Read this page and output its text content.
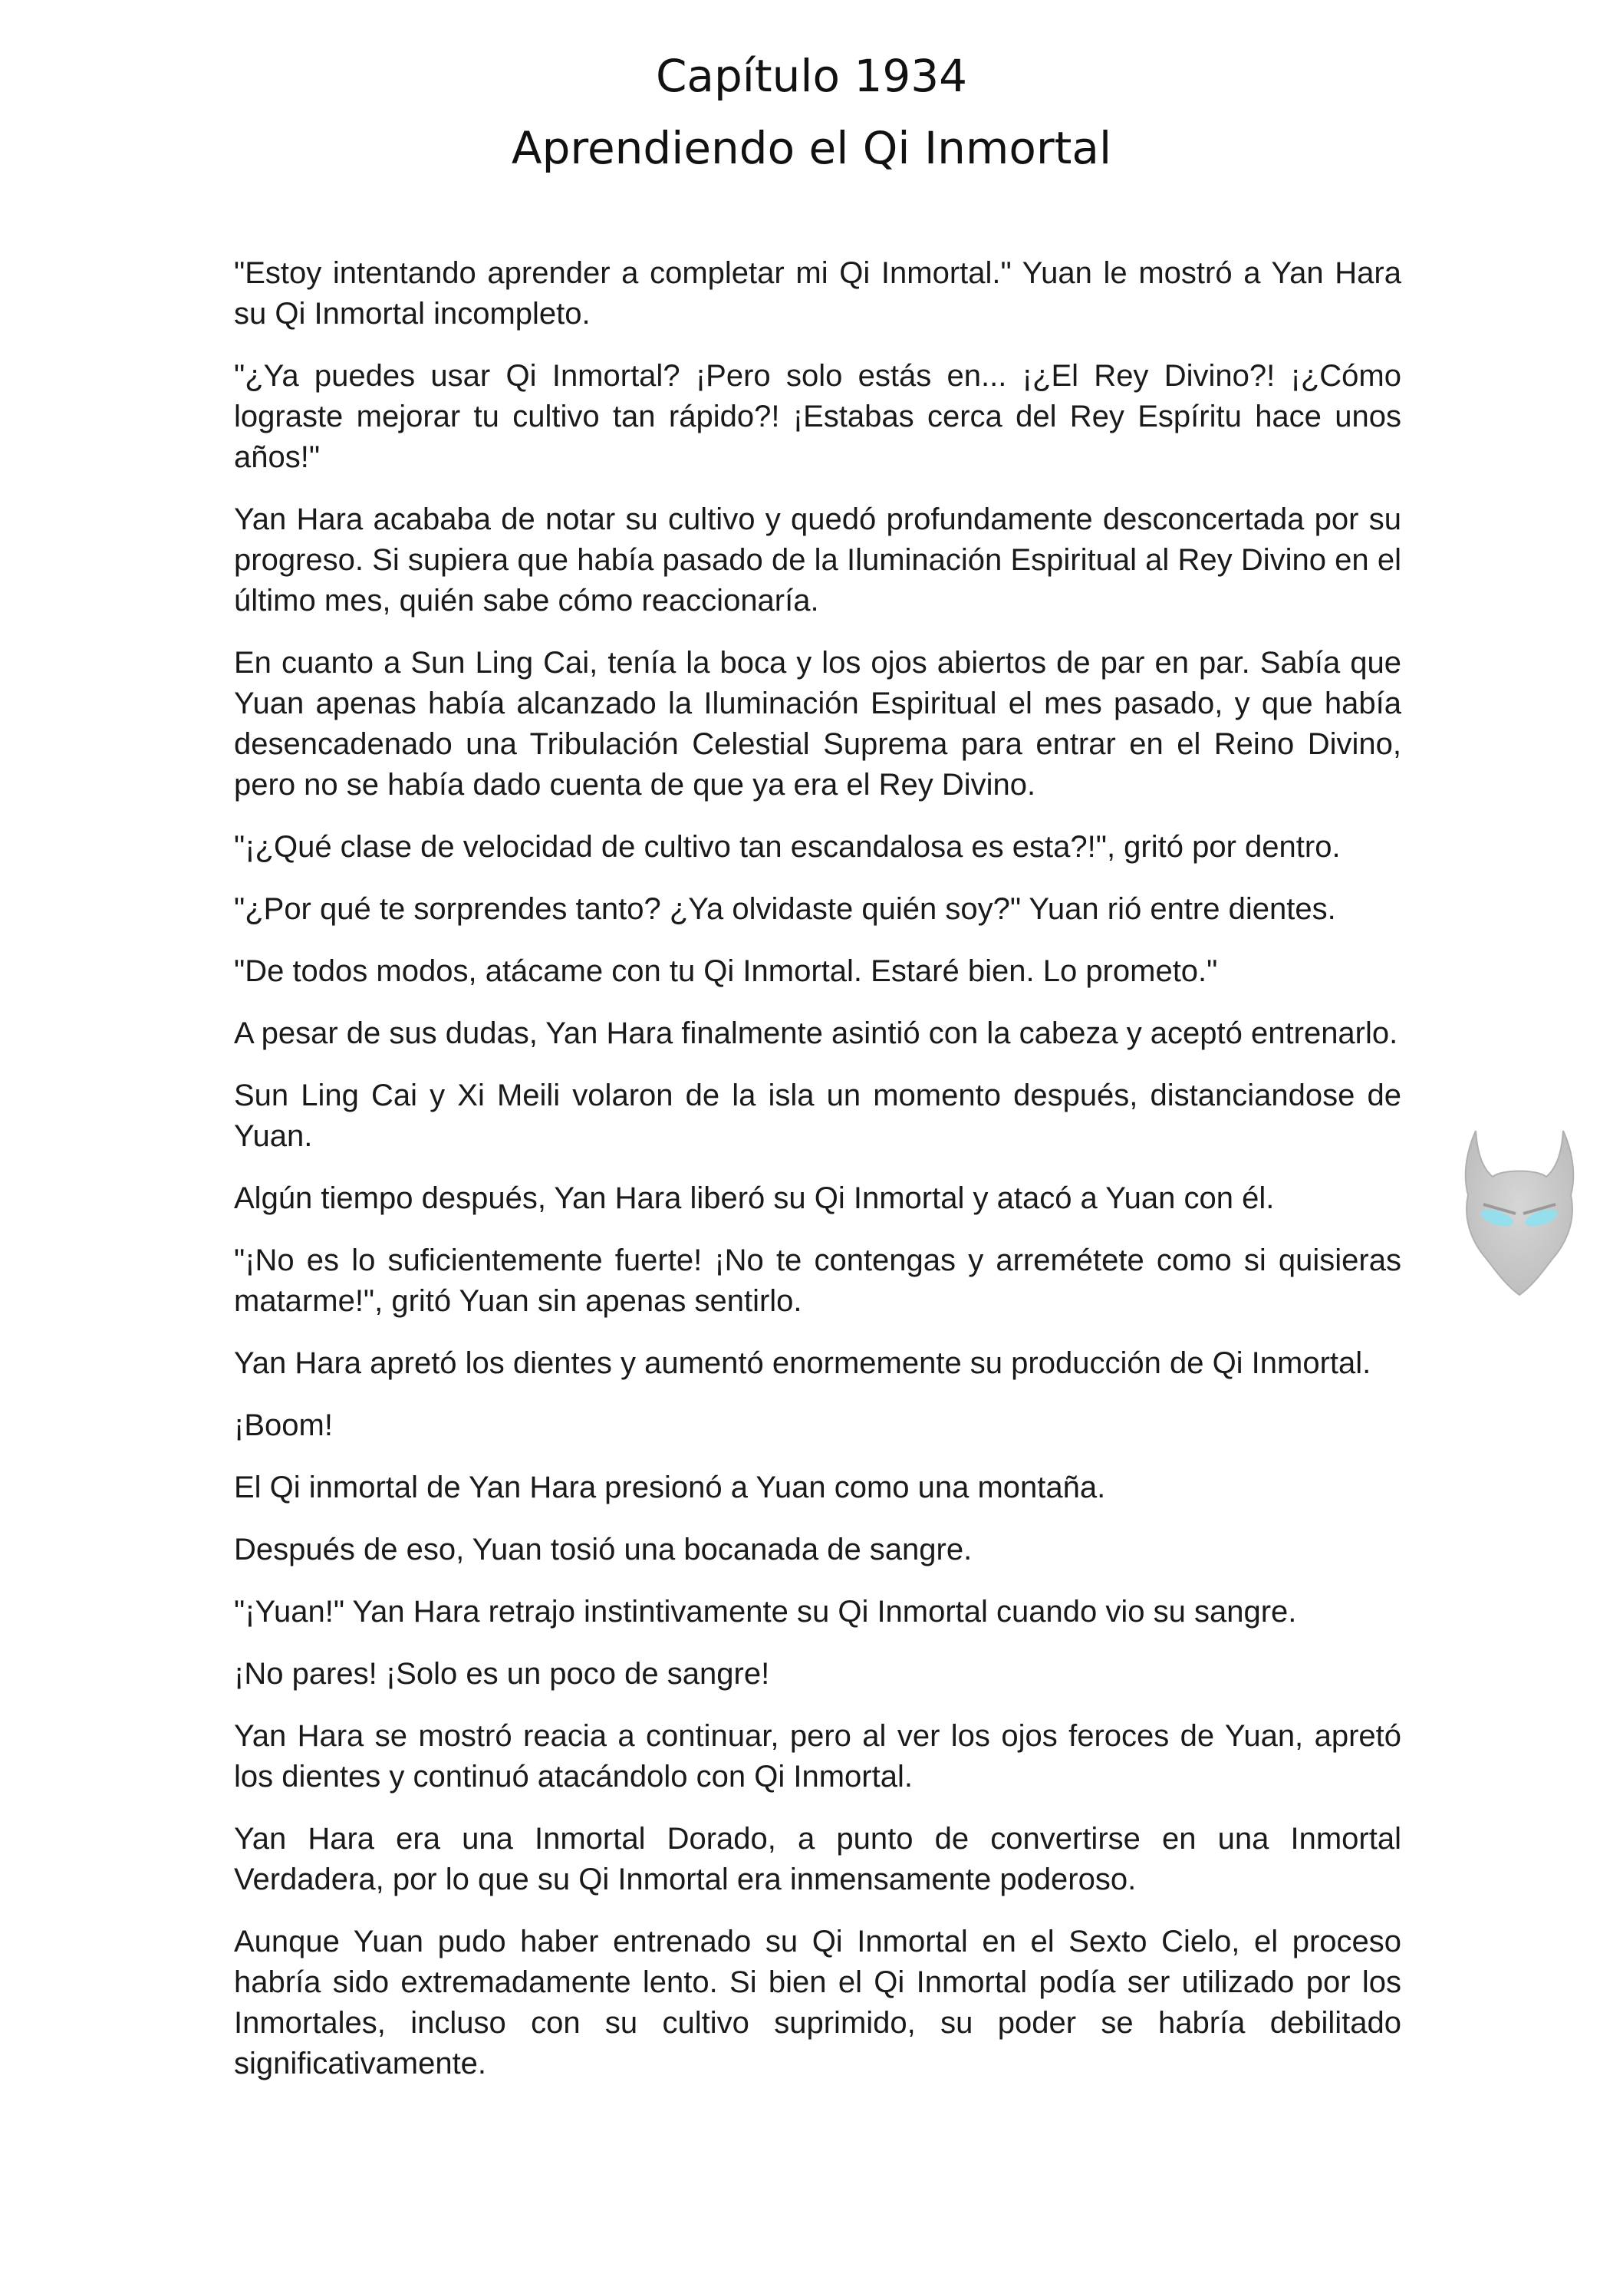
Capítulo 1934
Aprendiendo el Qi Inmortal

"Estoy intentando aprender a completar mi Qi Inmortal." Yuan le mostró a Yan Hara su Qi Inmortal incompleto.

"¿Ya puedes usar Qi Inmortal? ¡Pero solo estás en... ¡¿El Rey Divino?! ¡¿Cómo lograste mejorar tu cultivo tan rápido?! ¡Estabas cerca del Rey Espíritu hace unos años!"

Yan Hara acababa de notar su cultivo y quedó profundamente desconcertada por su progreso. Si supiera que había pasado de la Iluminación Espiritual al Rey Divino en el último mes, quién sabe cómo reaccionaría.

En cuanto a Sun Ling Cai, tenía la boca y los ojos abiertos de par en par. Sabía que Yuan apenas había alcanzado la Iluminación Espiritual el mes pasado, y que había desencadenado una Tribulación Celestial Suprema para entrar en el Reino Divino, pero no se había dado cuenta de que ya era el Rey Divino.

"¡¿Qué clase de velocidad de cultivo tan escandalosa es esta?!", gritó por dentro.

"¿Por qué te sorprendes tanto? ¿Ya olvidaste quién soy?" Yuan rió entre dientes.

"De todos modos, atácame con tu Qi Inmortal. Estaré bien. Lo prometo."

A pesar de sus dudas, Yan Hara finalmente asintió con la cabeza y aceptó entrenarlo.

Sun Ling Cai y Xi Meili volaron de la isla un momento después, distanciandose de Yuan.

Algún tiempo después, Yan Hara liberó su Qi Inmortal y atacó a Yuan con él.

"¡No es lo suficientemente fuerte! ¡No te contengas y arremétete como si quisieras matarme!", gritó Yuan sin apenas sentirlo.

Yan Hara apretó los dientes y aumentó enormemente su producción de Qi Inmortal.

¡Boom!

El Qi inmortal de Yan Hara presionó a Yuan como una montaña.

Después de eso, Yuan tosió una bocanada de sangre.

"¡Yuan!" Yan Hara retrajo instintivamente su Qi Inmortal cuando vio su sangre.

¡No pares! ¡Solo es un poco de sangre!

Yan Hara se mostró reacia a continuar, pero al ver los ojos feroces de Yuan, apretó los dientes y continuó atacándolo con Qi Inmortal.

Yan Hara era una Inmortal Dorado, a punto de convertirse en una Inmortal Verdadera, por lo que su Qi Inmortal era inmensamente poderoso.

Aunque Yuan pudo haber entrenado su Qi Inmortal en el Sexto Cielo, el proceso habría sido extremadamente lento. Si bien el Qi Inmortal podía ser utilizado por los Inmortales, incluso con su cultivo suprimido, su poder se habría debilitado significativamente.
